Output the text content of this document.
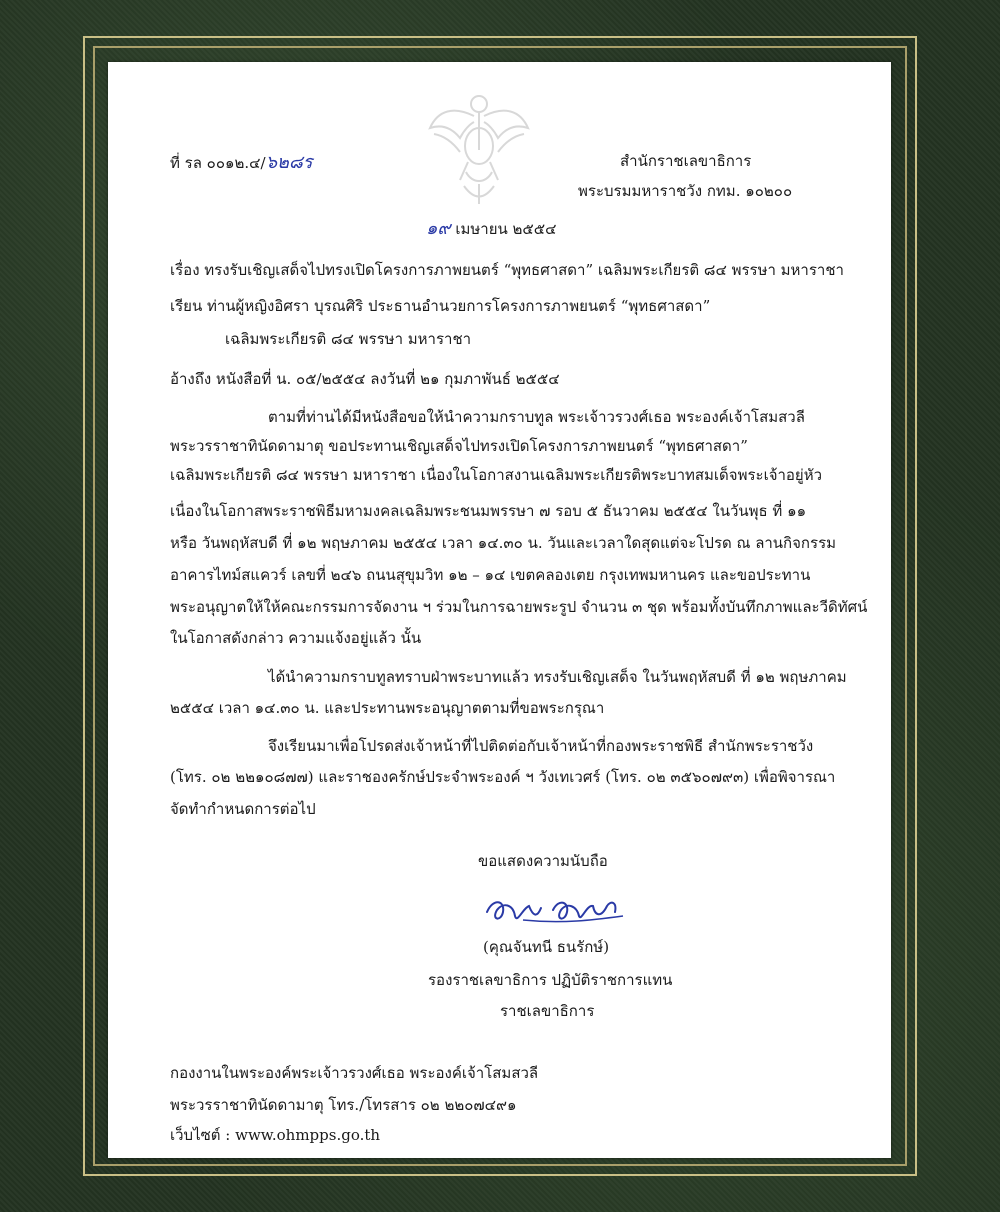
ที่ รล ๐๐๑๒.๔/๖๒๘ร	สำนักราชเลขาธิการ
พระบรมมหาราชวัง กทม. ๑๐๒๐๐
๑๙ เมษายน ๒๕๕๔
เรื่อง ทรงรับเชิญเสด็จไปทรงเปิดโครงการภาพยนตร์ “พุทธศาสดา” เฉลิมพระเกียรติ ๘๔ พรรษา มหาราชา
เรียน ท่านผู้หญิงอิศรา บุรณศิริ ประธานอำนวยการโครงการภาพยนตร์ “พุทธศาสดา”
เฉลิมพระเกียรติ ๘๔ พรรษา มหาราชา
อ้างถึง หนังสือที่ น. ๐๕/๒๕๕๔ ลงวันที่ ๒๑ กุมภาพันธ์ ๒๕๕๔
ตามที่ท่านได้มีหนังสือขอให้นำความกราบทูล พระเจ้าวรวงศ์เธอ พระองค์เจ้าโสมสวลี
พระวรราชาทินัดดามาตุ ขอประทานเชิญเสด็จไปทรงเปิดโครงการภาพยนตร์ “พุทธศาสดา”
เฉลิมพระเกียรติ ๘๔ พรรษา มหาราชา เนื่องในโอกาสงานเฉลิมพระเกียรติพระบาทสมเด็จพระเจ้าอยู่หัว
เนื่องในโอกาสพระราชพิธีมหามงคลเฉลิมพระชนมพรรษา ๗ รอบ ๕ ธันวาคม ๒๕๕๔ ในวันพุธ ที่ ๑๑
หรือ วันพฤหัสบดี ที่ ๑๒ พฤษภาคม ๒๕๕๔ เวลา ๑๔.๓๐ น. วันและเวลาใดสุดแต่จะโปรด ณ ลานกิจกรรม
อาคารไทม์สแควร์ เลขที่ ๒๔๖ ถนนสุขุมวิท ๑๒ – ๑๔ เขตคลองเตย กรุงเทพมหานคร และขอประทาน
พระอนุญาตให้ให้คณะกรรมการจัดงาน ฯ ร่วมในการฉายพระรูป จำนวน ๓ ชุด พร้อมทั้งบันทึกภาพและวีดิทัศน์
ในโอกาสดังกล่าว ความแจ้งอยู่แล้ว นั้น
ได้นำความกราบทูลทราบฝ่าพระบาทแล้ว ทรงรับเชิญเสด็จ ในวันพฤหัสบดี ที่ ๑๒ พฤษภาคม
๒๕๕๔ เวลา ๑๔.๓๐ น. และประทานพระอนุญาตตามที่ขอพระกรุณา
จึงเรียนมาเพื่อโปรดส่งเจ้าหน้าที่ไปติดต่อกับเจ้าหน้าที่กองพระราชพิธี สำนักพระราชวัง
(โทร. ๐๒ ๒๒๑๐๘๗๗) และราชองครักษ์ประจำพระองค์ ฯ วังเทเวศร์ (โทร. ๐๒ ๓๕๖๐๗๙๓) เพื่อพิจารณา
จัดทำกำหนดการต่อไป
ขอแสดงความนับถือ
(คุณจันทนี ธนรักษ์)
รองราชเลขาธิการ ปฏิบัติราชการแทน
ราชเลขาธิการ
กองงานในพระองค์พระเจ้าวรวงศ์เธอ พระองค์เจ้าโสมสวลี
พระวรราชาทินัดดามาตุ โทร./โทรสาร ๐๒ ๒๒๐๗๔๙๑
เว็บไซต์ : www.ohmpps.go.th
